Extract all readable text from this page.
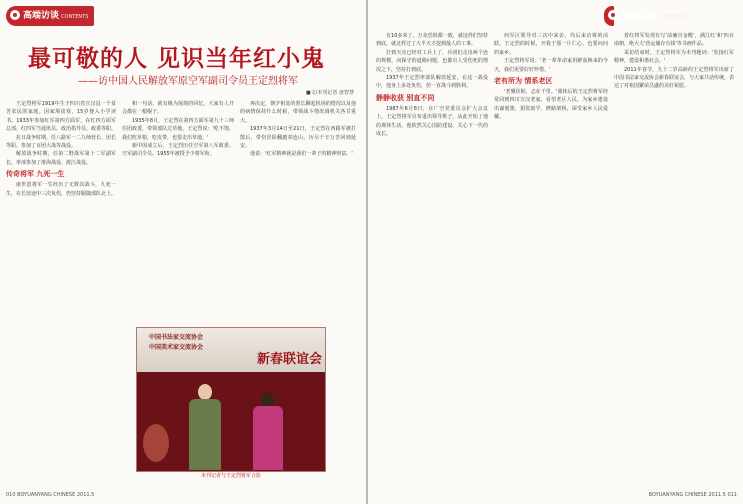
高端访谈 CONTENTS
最可敬的人 见识当年红小鬼
——访中国人民解放军原空军副司令员王定烈将军
■文/本刊记者 唐智慧

王定烈将军1919年生于四川省宣汉县一个贫苦农民的家庭。因家境贫寒，15岁便入小学读书。1933年参加红军第四方面军，在红四方面军总部、红四军当通讯员、政治指导员、政委等职。

抗日战争时期，任八路军一二九师营长、团长等职，参加了百团大战等战役。

解放战争时期，任第二野战军第十二军副军长，率部参加了淮海战役、渡江战役。

传奇将军 九死一生

康世恩将军一生经历了无数次战斗，九死一生，在长征途中三次负伤，仍坚持跟随部队北上。

和一句话，就有极为深刻的回忆。大家有人开会都在一根棍子。

1935年8月，王定烈在第四方面军第九十三师任团政委，带领部队过草地。王定烈说：'吃不饱，我们吃草根，吃皮带，也要走出草地。'

新中国成立后，王定烈历任空军第八军政委、空军副司令员。1955年被授予少将军衔。

再决定，朝夕相处的帮长聊起机场的情况以及他的病情保持什么时候，带领战斗情况调机关各甘重大。

1937年3月14日至21日，王定烈在西路军被打散后，带伤冒险翻越祁连山，历尽千辛万苦回到延安。

他说：'红军精神就是我们一辈子的精神财富。'

中国书法家交流协会
中国美术家交流协会
新春联谊会
本刊记者与王定烈将军合影
010 BOYUANYANG CHINESE 2011.5
高端访谈 CONTENTS

有10多米了，万众恐惧都一致，就这样们坚持到底。就这样过了大半天才挖到敌人的工事。

打到天亮已经对工兵上了，兵团们走出两个连的规模，向保守的道路问题，也都有人受伤死的情况之下，坚持打到底。

1937年王定烈率部队解放延安，在这一战役中，他身上多处负伤，但一直战斗到胜利。

静静收获 别直不同

1987年6月8日，在广空党委员会扩大会议上，王定烈将军宣布退出领导班子，从此开始了他的离休生活。他依然关心国防建设，关心下一代的成长。

何军区领导对三次中来访，均后来访将的活跃。王定烈的时候，开我于那一片仁心，也要问问的家乡。

王定烈将军说：'老一辈革命家用鲜血换来的今天，我们更要好好珍惜。'

老有所为 情系老区

'老骥伏枥，志在千里。'离休后的王定烈将军经常回到四川宣汉老家，看望老区人民，为家乡建设出谋划策，捐资助学，修路架桥，深受家乡人民爱戴。

着红将军发现有写'前廉宫金殿'，满江红'和'四百南朝，绝大大'营运储存有钱'等书画作品。

采访结束时，王定烈将军为本刊题词：'发扬红军精神，建设和谐社会。'

2011年春节，九十二岁高龄的王定烈将军出席了中国书法家交流协会新春联谊会，与大家共话传统，表达了对祖国繁荣昌盛的美好祝愿。

BOYUANYANG CHINESE 2011.5 011
